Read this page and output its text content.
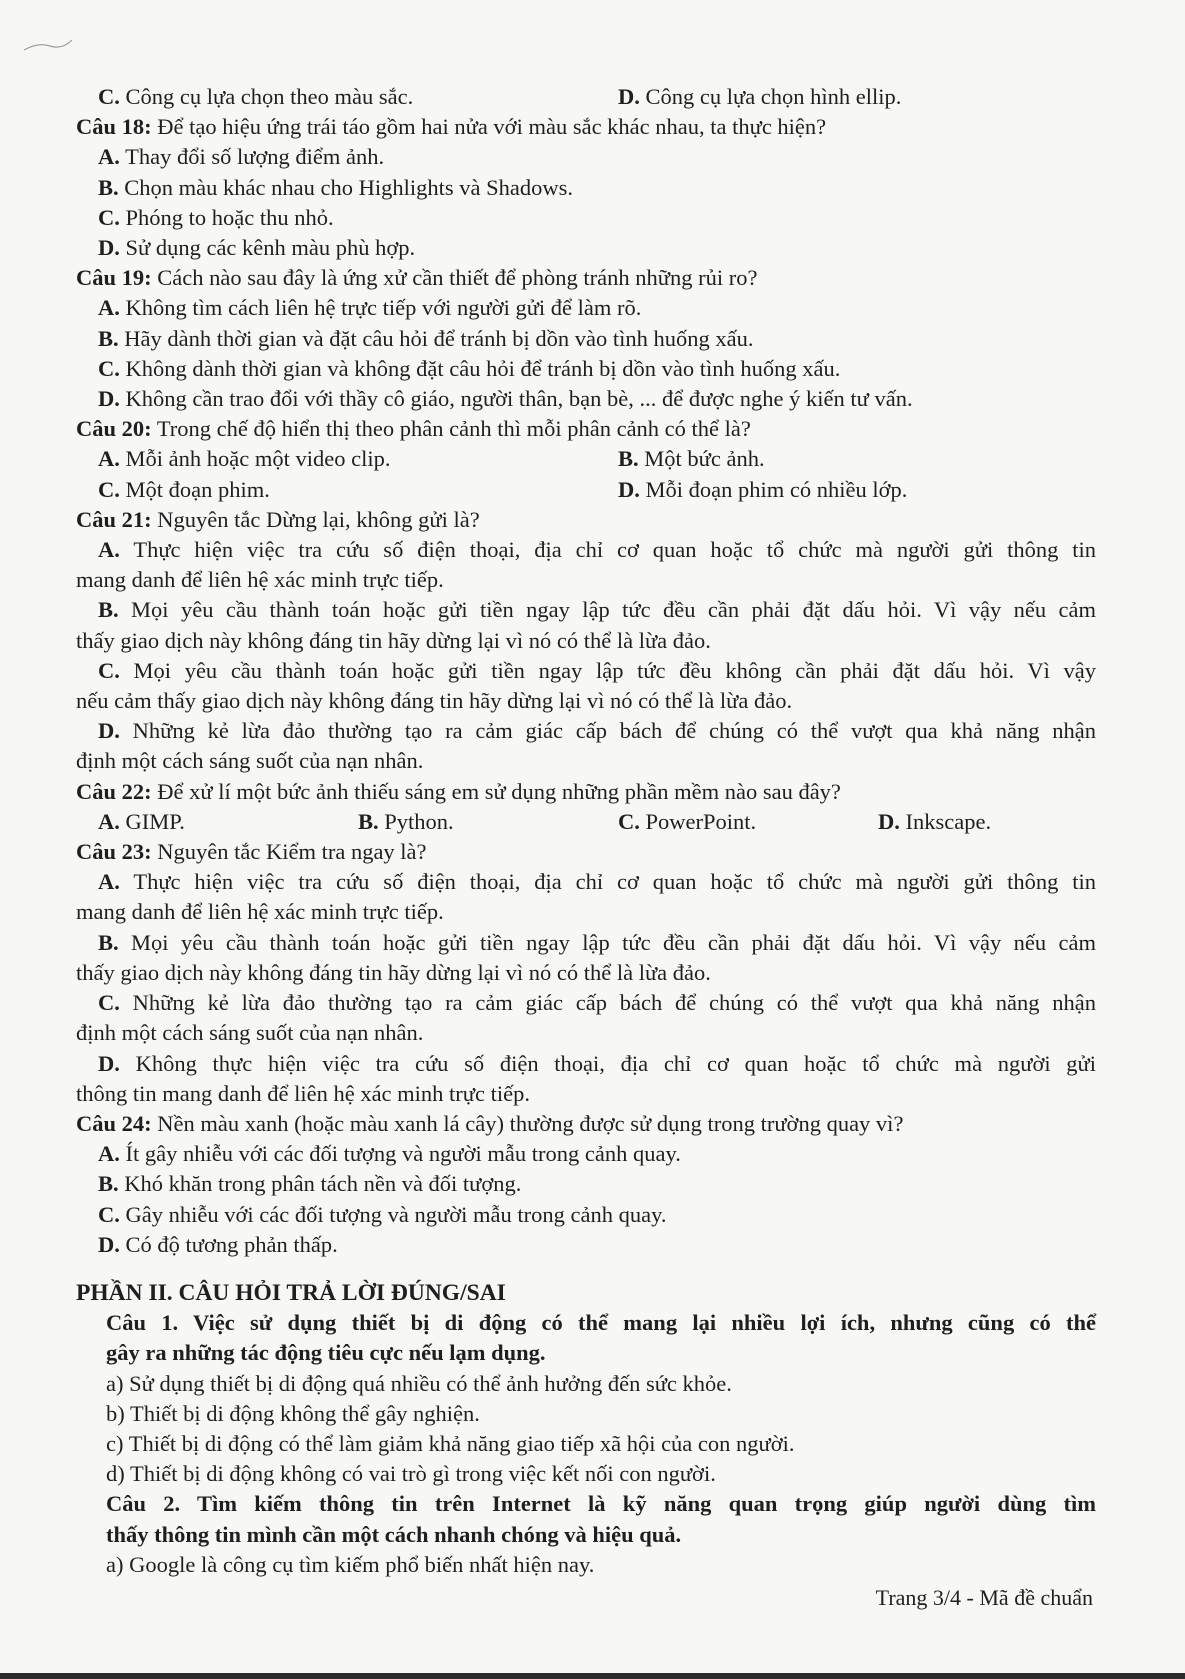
C. Công cụ lựa chọn theo màu sắc.	D. Công cụ lựa chọn hình ellip.
Câu 18: Để tạo hiệu ứng trái táo gồm hai nửa với màu sắc khác nhau, ta thực hiện?
A. Thay đổi số lượng điểm ảnh.
B. Chọn màu khác nhau cho Highlights và Shadows.
C. Phóng to hoặc thu nhỏ.
D. Sử dụng các kênh màu phù hợp.
Câu 19: Cách nào sau đây là ứng xử cần thiết để phòng tránh những rủi ro?
A. Không tìm cách liên hệ trực tiếp với người gửi để làm rõ.
B. Hãy dành thời gian và đặt câu hỏi để tránh bị dồn vào tình huống xấu.
C. Không dành thời gian và không đặt câu hỏi để tránh bị dồn vào tình huống xấu.
D. Không cần trao đổi với thầy cô giáo, người thân, bạn bè, ... để được nghe ý kiến tư vấn.
Câu 20: Trong chế độ hiển thị theo phân cảnh thì mỗi phân cảnh có thể là?
A. Mỗi ảnh hoặc một video clip.	B. Một bức ảnh.
C. Một đoạn phim.	D. Mỗi đoạn phim có nhiều lớp.
Câu 21: Nguyên tắc Dừng lại, không gửi là?
A. Thực hiện việc tra cứu số điện thoại, địa chỉ cơ quan hoặc tổ chức mà người gửi thông tin
mang danh để liên hệ xác minh trực tiếp.
B. Mọi yêu cầu thành toán hoặc gửi tiền ngay lập tức đều cần phải đặt dấu hỏi. Vì vậy nếu cảm
thấy giao dịch này không đáng tin hãy dừng lại vì nó có thể là lừa đảo.
C. Mọi yêu cầu thành toán hoặc gửi tiền ngay lập tức đều không cần phải đặt dấu hỏi. Vì vậy
nếu cảm thấy giao dịch này không đáng tin hãy dừng lại vì nó có thể là lừa đảo.
D. Những kẻ lừa đảo thường tạo ra cảm giác cấp bách để chúng có thể vượt qua khả năng nhận
định một cách sáng suốt của nạn nhân.
Câu 22: Để xử lí một bức ảnh thiếu sáng em sử dụng những phần mềm nào sau đây?
A. GIMP.	B. Python.	C. PowerPoint.	D. Inkscape.
Câu 23: Nguyên tắc Kiểm tra ngay là?
A. Thực hiện việc tra cứu số điện thoại, địa chỉ cơ quan hoặc tổ chức mà người gửi thông tin
mang danh để liên hệ xác minh trực tiếp.
B. Mọi yêu cầu thành toán hoặc gửi tiền ngay lập tức đều cần phải đặt dấu hỏi. Vì vậy nếu cảm
thấy giao dịch này không đáng tin hãy dừng lại vì nó có thể là lừa đảo.
C. Những kẻ lừa đảo thường tạo ra cảm giác cấp bách để chúng có thể vượt qua khả năng nhận
định một cách sáng suốt của nạn nhân.
D. Không thực hiện việc tra cứu số điện thoại, địa chỉ cơ quan hoặc tổ chức mà người gửi
thông tin mang danh để liên hệ xác minh trực tiếp.
Câu 24: Nền màu xanh (hoặc màu xanh lá cây) thường được sử dụng trong trường quay vì?
A. Ít gây nhiễu với các đối tượng và người mẫu trong cảnh quay.
B. Khó khăn trong phân tách nền và đối tượng.
C. Gây nhiễu với các đối tượng và người mẫu trong cảnh quay.
D. Có độ tương phản thấp.
PHẦN II. CÂU HỎI TRẢ LỜI ĐÚNG/SAI
Câu 1. Việc sử dụng thiết bị di động có thể mang lại nhiều lợi ích, nhưng cũng có thể
gây ra những tác động tiêu cực nếu lạm dụng.
a) Sử dụng thiết bị di động quá nhiều có thể ảnh hưởng đến sức khỏe.
b) Thiết bị di động không thể gây nghiện.
c) Thiết bị di động có thể làm giảm khả năng giao tiếp xã hội của con người.
d) Thiết bị di động không có vai trò gì trong việc kết nối con người.
Câu 2. Tìm kiếm thông tin trên Internet là kỹ năng quan trọng giúp người dùng tìm
thấy thông tin mình cần một cách nhanh chóng và hiệu quả.
a) Google là công cụ tìm kiếm phổ biến nhất hiện nay.
Trang 3/4 - Mã đề chuẩn
